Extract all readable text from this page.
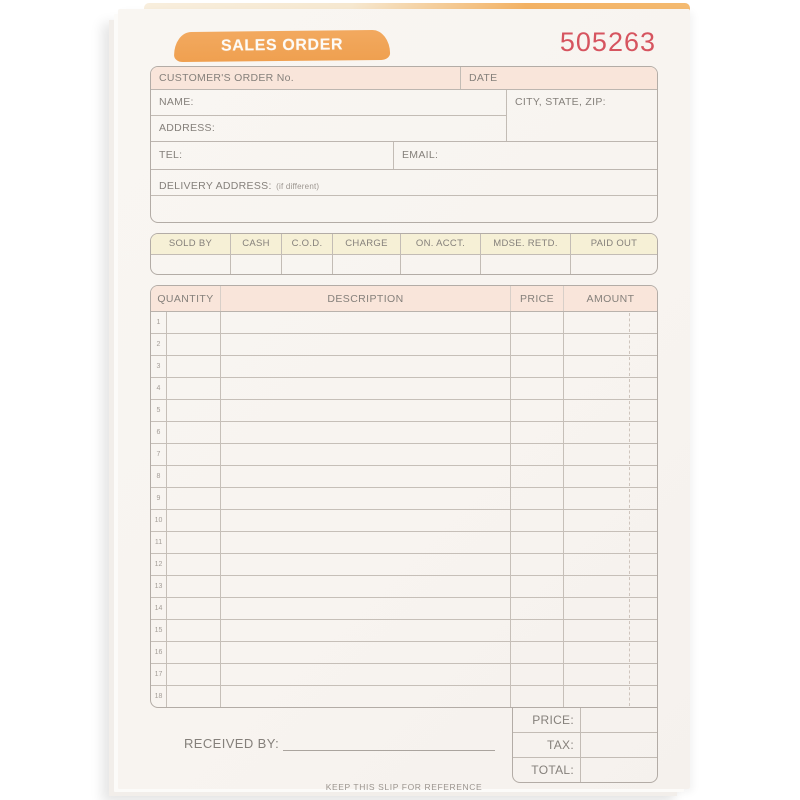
SALES ORDER	505263
CUSTOMER'S ORDER No.	DATE
NAME:
ADDRESS:
CITY, STATE, ZIP:
TEL:	EMAIL:
DELIVERY ADDRESS: (if different)
SOLD BY	CASH	C.O.D.	CHARGE	ON. ACCT.	MDSE. RETD.	PAID OUT
QUANTITY	DESCRIPTION	PRICE	AMOUNT
1
2
3
4
5
6
7
8
9
10
11
12
13
14
15
16
17
18
PRICE:
TAX:
TOTAL:
RECEIVED BY:
KEEP THIS SLIP FOR REFERENCE
